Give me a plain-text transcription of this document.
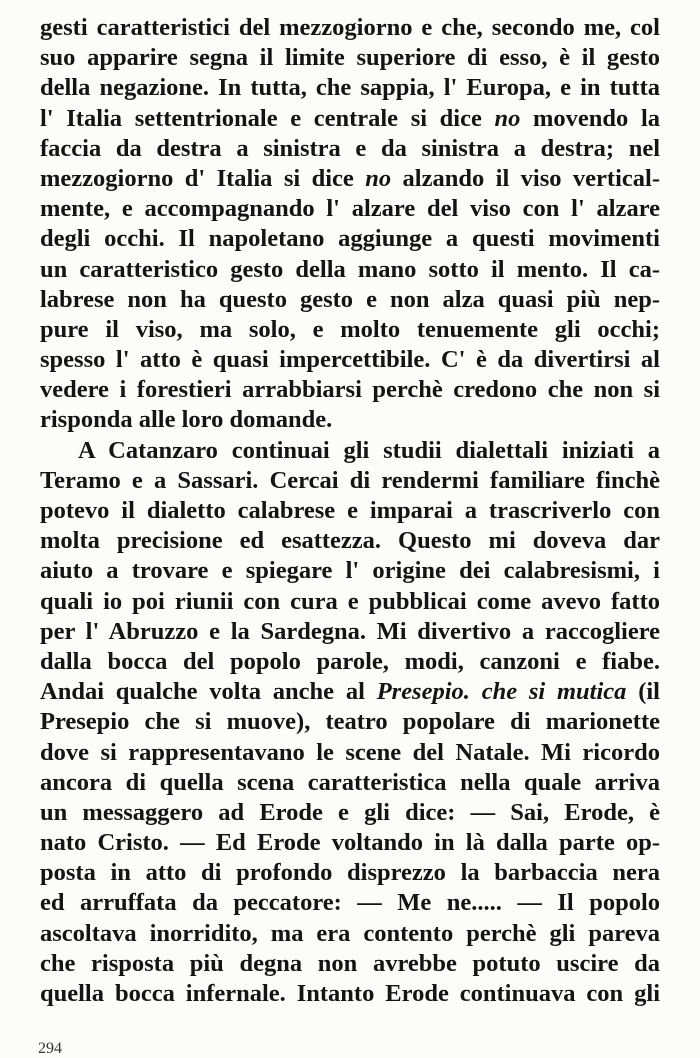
gesti caratteristici del mezzogiorno e che, secondo me, col
suo apparire segna il limite superiore di esso, è il gesto
della negazione. In tutta, che sappia, l' Europa, e in tutta
l' Italia settentrionale e centrale si dice no movendo la
faccia da destra a sinistra e da sinistra a destra; nel
mezzogiorno d' Italia si dice no alzando il viso vertical-
mente, e accompagnando l' alzare del viso con l' alzare
degli occhi. Il napoletano aggiunge a questi movimenti
un caratteristico gesto della mano sotto il mento. Il ca-
labrese non ha questo gesto e non alza quasi più nep-
pure il viso, ma solo, e molto tenuemente gli occhi;
spesso l' atto è quasi impercettibile. C' è da divertirsi al
vedere i forestieri arrabbiarsi perchè credono che non si
risponda alle loro domande.
A Catanzaro continuai gli studii dialettali iniziati a
Teramo e a Sassari. Cercai di rendermi familiare finchè
potevo il dialetto calabrese e imparai a trascriverlo con
molta precisione ed esattezza. Questo mi doveva dar
aiuto a trovare e spiegare l' origine dei calabresismi, i
quali io poi riunii con cura e pubblicai come avevo fatto
per l' Abruzzo e la Sardegna. Mi divertivo a raccogliere
dalla bocca del popolo parole, modi, canzoni e fiabe.
Andai qualche volta anche al Presepio. che si mutica (il
Presepio che si muove), teatro popolare di marionette
dove si rappresentavano le scene del Natale. Mi ricordo
ancora di quella scena caratteristica nella quale arriva
un messaggero ad Erode e gli dice: — Sai, Erode, è
nato Cristo. — Ed Erode voltando in là dalla parte op-
posta in atto di profondo disprezzo la barbaccia nera
ed arruffata da peccatore: — Me ne..... — Il popolo
ascoltava inorridito, ma era contento perchè gli pareva
che risposta più degna non avrebbe potuto uscire da
quella bocca infernale. Intanto Erode continuava con gli
294
